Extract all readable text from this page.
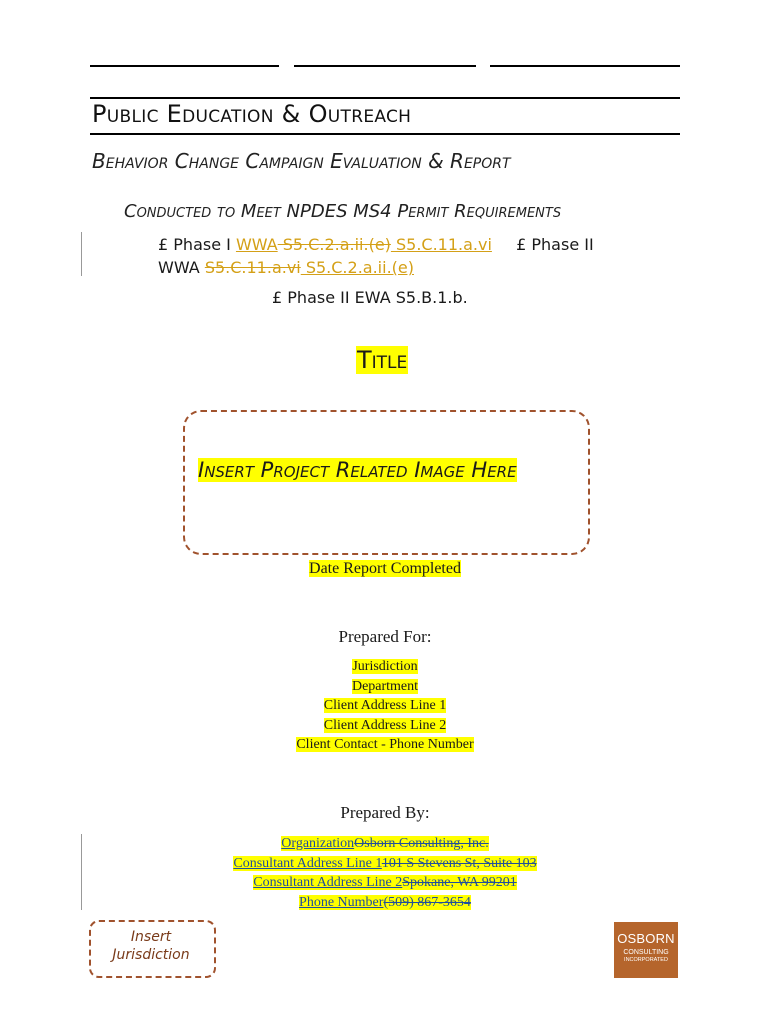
Public Education & Outreach
Behavior Change Campaign Evaluation & Report
Conducted to Meet NPDES MS4 Permit Requirements
£ Phase I WWA S5.C.2.a.ii.(e) S5.C.11.a.vi £ Phase II
WWA S5.C.11.a.vi S5.C.2.a.ii.(e)
£ Phase II EWA S5.B.1.b.
Title
Insert Project Related Image Here
Date Report Completed
Prepared For:
Jurisdiction
Department
Client Address Line 1
Client Address Line 2
Client Contact - Phone Number
Prepared By:
OrganizationOsborn Consulting, Inc.
Consultant Address Line 1101 S Stevens St, Suite 103
Consultant Address Line 2Spokane, WA 99201
Phone Number(509) 867-3654
Insert Jurisdiction
OSBORN
CONSULTING
INCORPORATED
